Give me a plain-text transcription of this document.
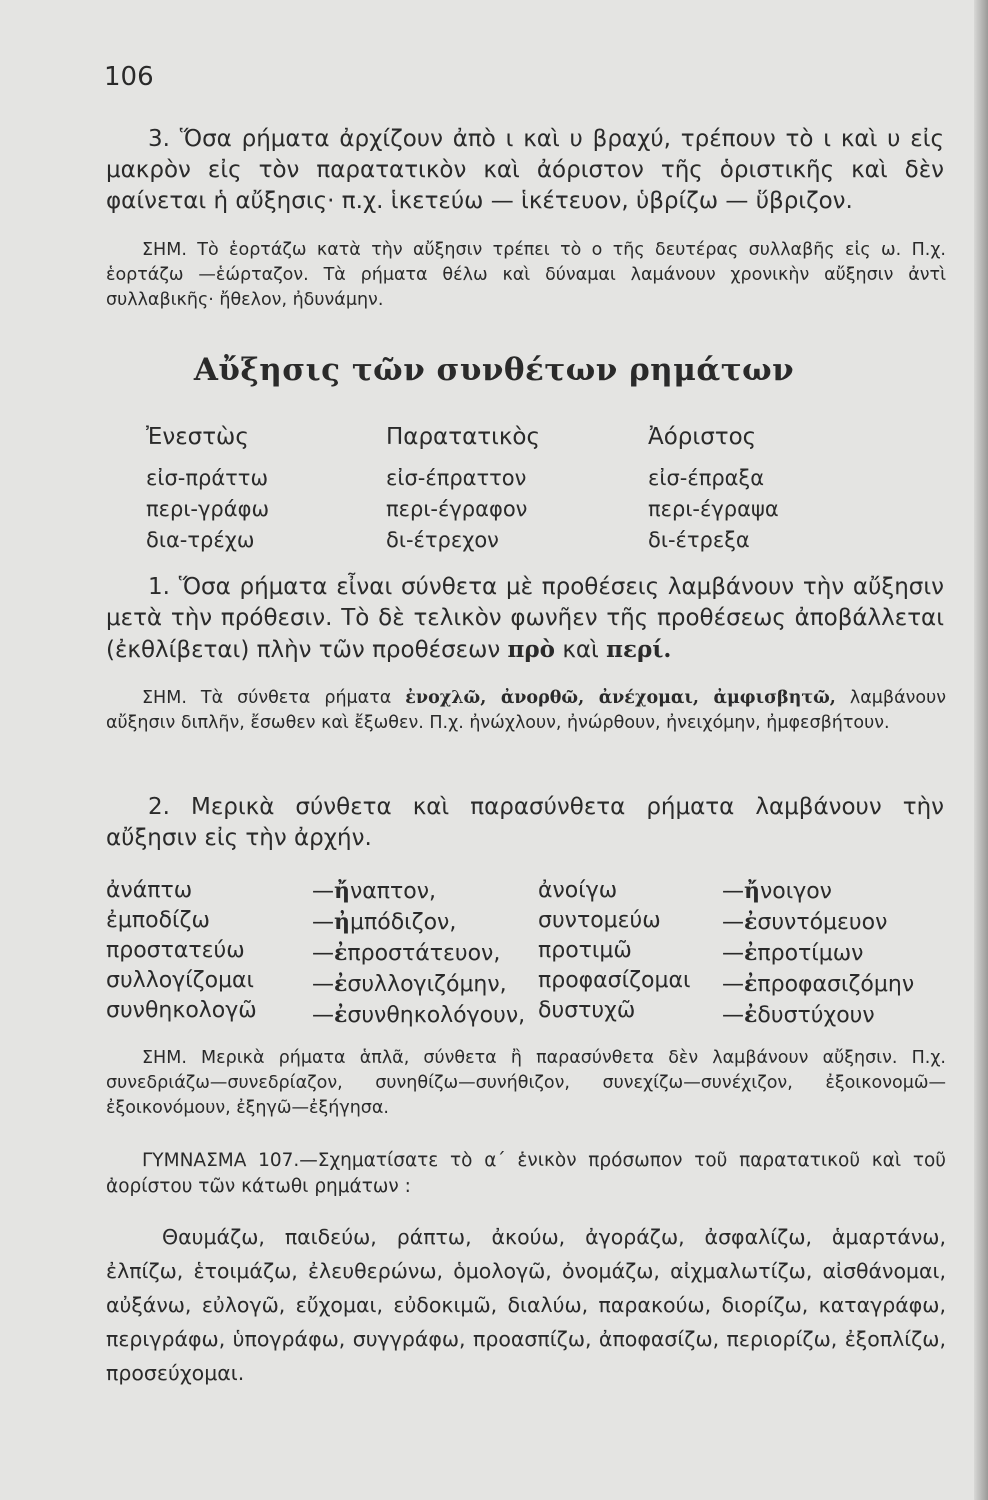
106
3. Ὅσα ρήματα ἀρχίζουν ἀπὸ ι καὶ υ βραχύ, τρέπουν τὸ ι καὶ υ εἰς μακρὸν εἰς τὸν παρατατικὸν καὶ ἀόριστον τῆς ὁριστικῆς καὶ δὲν φαίνεται ἡ αὔξησις· π.χ. ἱκετεύω — ἱκέτευον, ὑβρίζω — ὕβριζον.
ΣΗΜ. Τὸ ἑορτάζω κατὰ τὴν αὔξησιν τρέπει τὸ ο τῆς δευτέρας συλλαβῆς εἰς ω. Π.χ. ἑορτάζω —ἑώρταζον. Τὰ ρήματα θέλω καὶ δύναμαι λαμάνουν χρονικὴν αὔξησιν ἀντὶ συλλαβικῆς· ἤθελον, ἠδυνάμην.
Αὔξησις τῶν συνθέτων ρημάτων
Ἐνεστὼς
εἰσ-πράττω
περι-γράφω
δια-τρέχω
Παρατατικὸς
εἰσ-έπραττον
περι-έγραφον
δι-έτρεχον
Ἀόριστος
εἰσ-έπραξα
περι-έγραψα
δι-έτρεξα
1. Ὅσα ρήματα εἶναι σύνθετα μὲ προθέσεις λαμβάνουν τὴν αὔξησιν μετὰ τὴν πρόθεσιν. Τὸ δὲ τελικὸν φωνῆεν τῆς προθέσεως ἀποβάλλεται (ἐκθλίβεται) πλὴν τῶν προθέσεων πρὸ καὶ περί.
ΣΗΜ. Τὰ σύνθετα ρήματα ἐνοχλῶ, ἀνορθῶ, ἀνέχομαι, ἀμφισβητῶ, λαμβάνουν αὔξησιν διπλῆν, ἔσωθεν καὶ ἔξωθεν. Π.χ. ἠνώχλουν, ἠνώρθουν, ἠνειχόμην, ἠμφεσβήτουν.
2. Μερικὰ σύνθετα καὶ παρασύνθετα ρήματα λαμβάνουν τὴν αὔξησιν εἰς τὴν ἀρχήν.
ἀνάπτω
ἐμποδίζω
προστατεύω
συλλογίζομαι
συνθηκολογῶ
—ἤναπτον,
—ἠμπόδιζον,
—ἐπροστάτευον,
—ἐσυλλογιζόμην,
—ἐσυνθηκολόγουν,
ἀνοίγω
συντομεύω
προτιμῶ
προφασίζομαι
δυστυχῶ
—ἤνοιγον
—ἐσυντόμευον
—ἐπροτίμων
—ἐπροφασιζόμην
—ἐδυστύχουν
ΣΗΜ. Μερικὰ ρήματα ἁπλᾶ, σύνθετα ἢ παρασύνθετα δὲν λαμβάνουν αὔξησιν. Π.χ. συνεδριάζω—συνεδρίαζον, συνηθίζω—συνήθιζον, συνεχίζω—συνέχιζον, ἐξοικονομῶ—ἐξοικονόμουν, ἐξηγῶ—ἐξήγησα.
ΓΥΜΝΑΣΜΑ 107.—Σχηματίσατε τὸ α΄ ἑνικὸν πρόσωπον τοῦ παρατατικοῦ καὶ τοῦ ἀορίστου τῶν κάτωθι ρημάτων :
Θαυμάζω, παιδεύω, ράπτω, ἀκούω, ἀγοράζω, ἀσφαλίζω, ἁμαρτάνω, ἐλπίζω, ἑτοιμάζω, ἐλευθερώνω, ὁμολογῶ, ὀνομάζω, αἰχμαλωτίζω, αἰσθάνομαι, αὐξάνω, εὐλογῶ, εὔχομαι, εὐδοκιμῶ, διαλύω, παρακούω, διορίζω, καταγράφω, περιγράφω, ὑπογράφω, συγγράφω, προασπίζω, ἀποφασίζω, περιορίζω, ἐξοπλίζω, προσεύχομαι.
